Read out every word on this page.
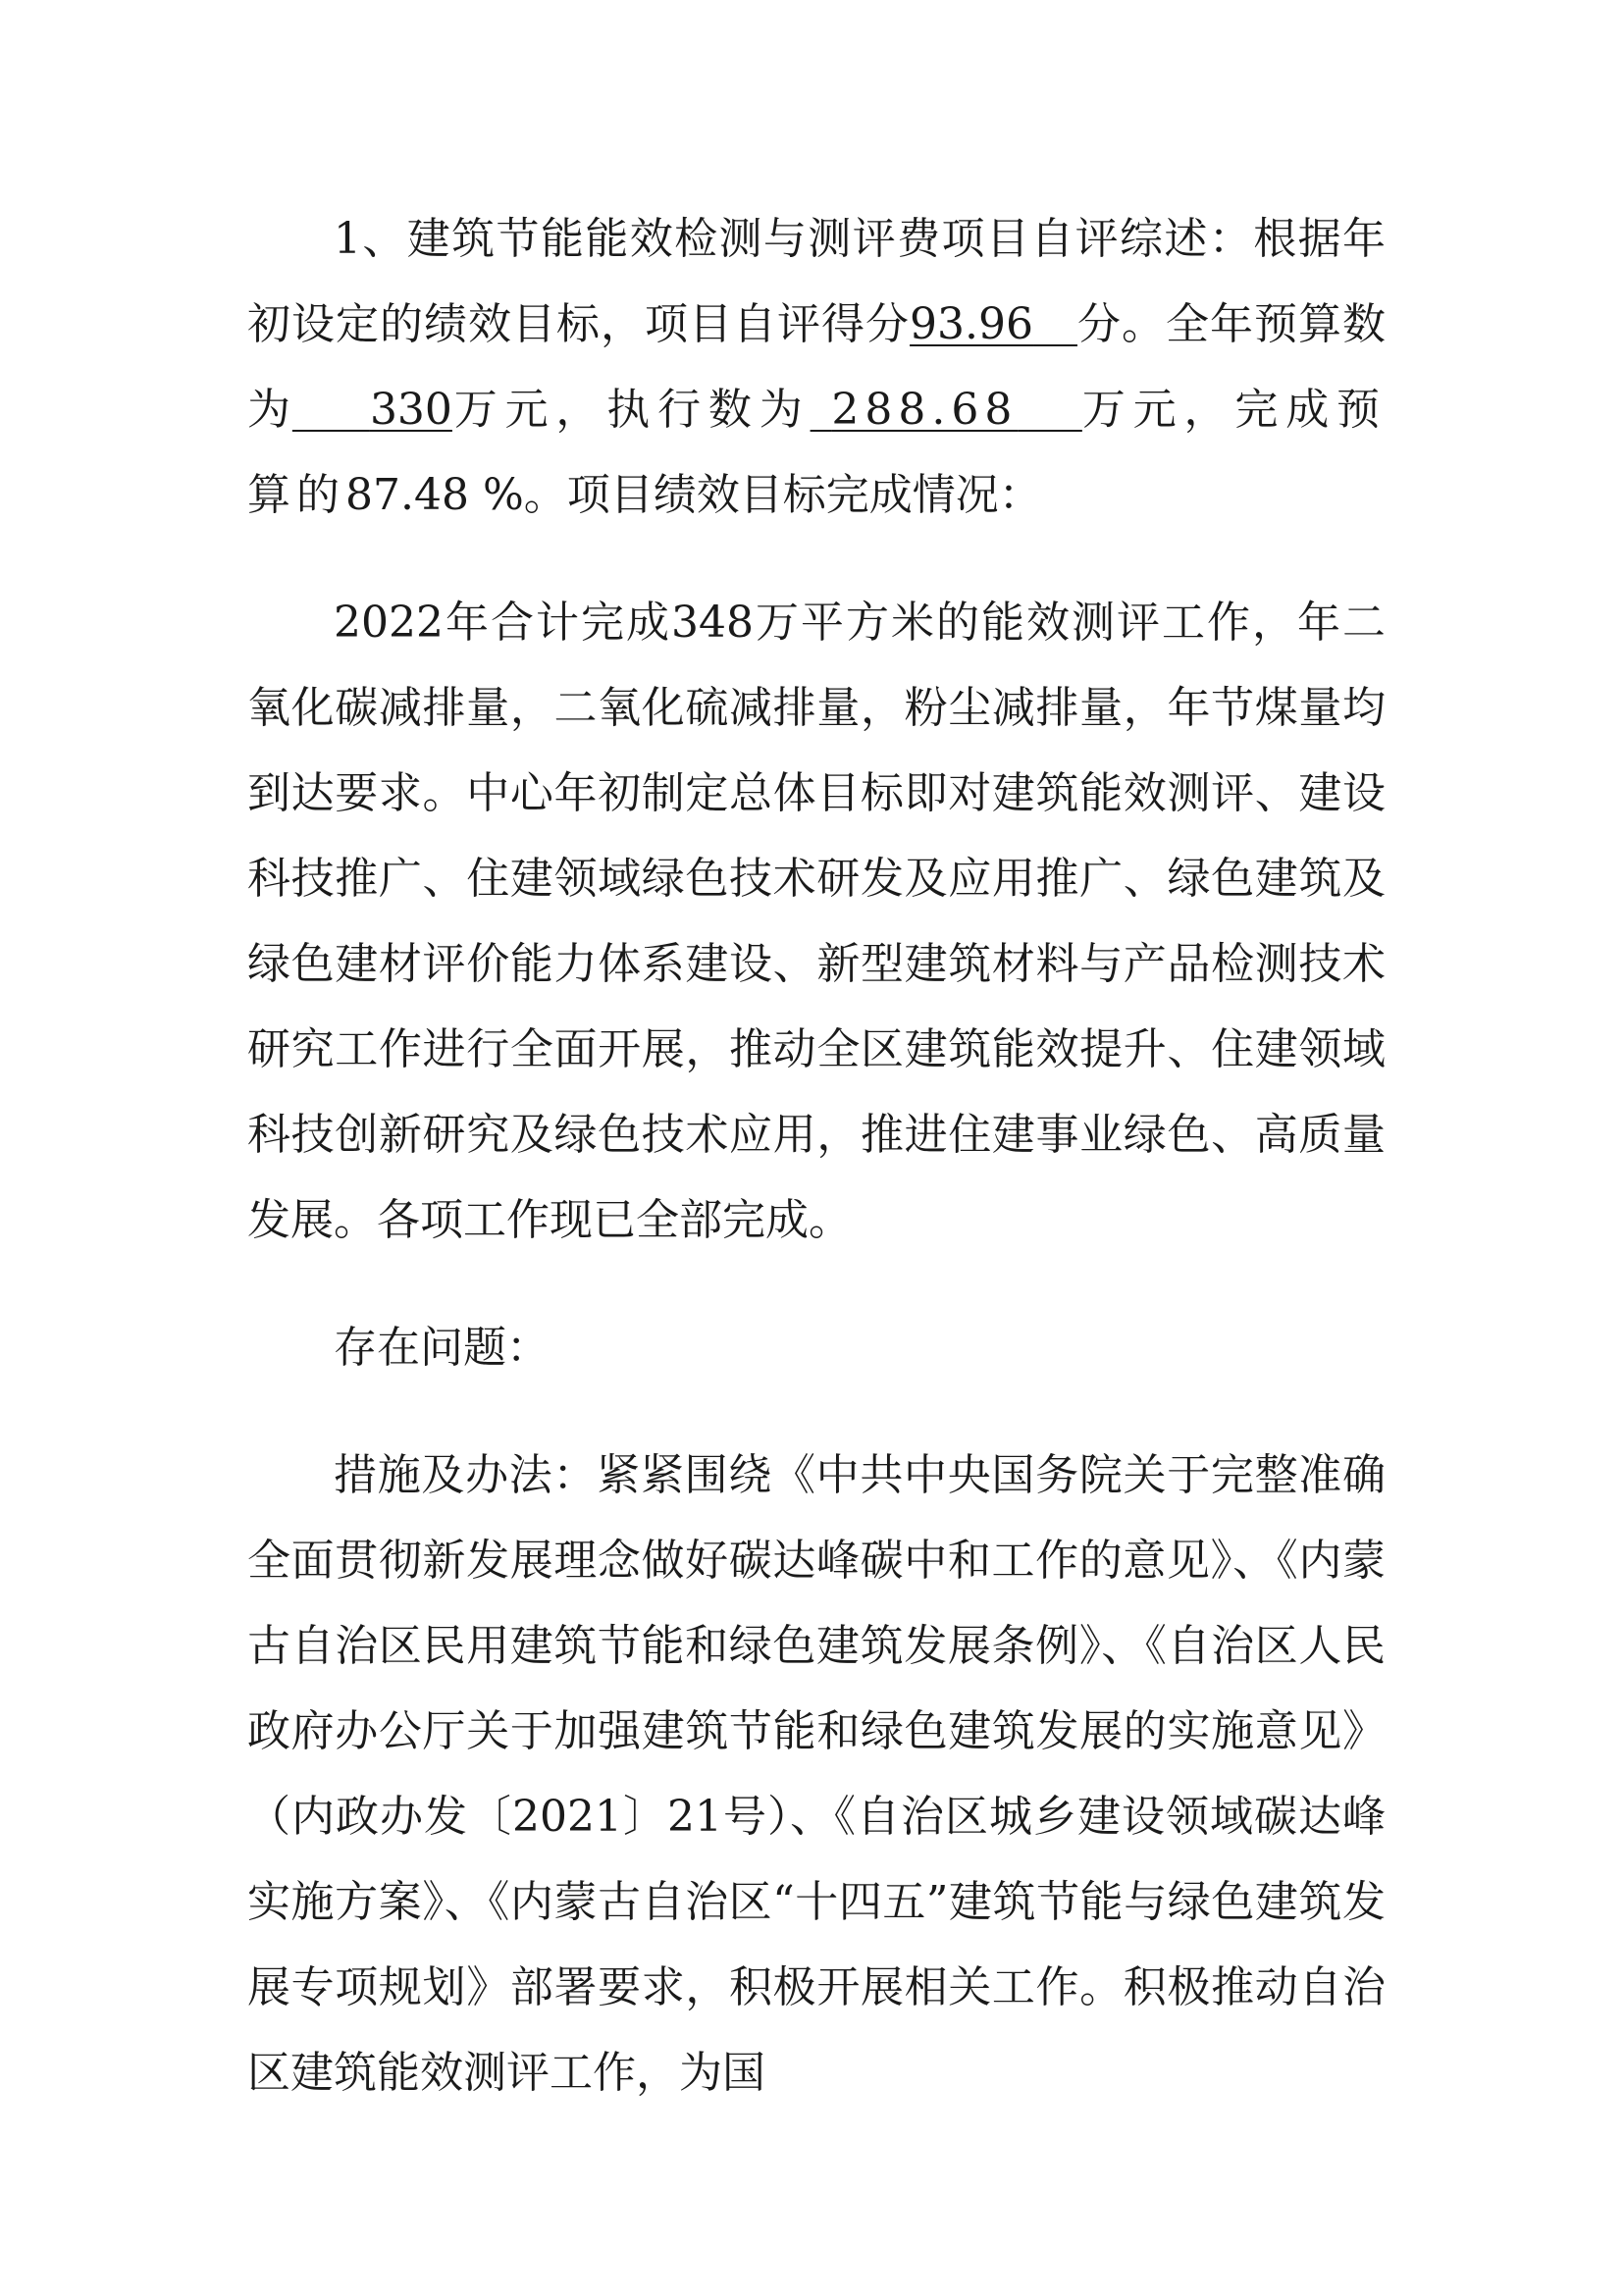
1、建筑节能能效检测与测评费项目自评综述：根据年初设定的绩效目标，项目自评得分93.96 分。全年预算数为 330万元，执行数为 288.68 万元，完成预算的87.48 %。项目绩效目标完成情况：

2022年合计完成348万平方米的能效测评工作，年二氧化碳减排量，二氧化硫减排量，粉尘减排量，年节煤量均到达要求。中心年初制定总体目标即对建筑能效测评、建设科技推广、住建领域绿色技术研发及应用推广、绿色建筑及绿色建材评价能力体系建设、新型建筑材料与产品检测技术研究工作进行全面开展，推动全区建筑能效提升、住建领域科技创新研究及绿色技术应用，推进住建事业绿色、高质量发展。各项工作现已全部完成。

存在问题：

措施及办法：紧紧围绕《中共中央国务院关于完整准确全面贯彻新发展理念做好碳达峰碳中和工作的意见》、《内蒙古自治区民用建筑节能和绿色建筑发展条例》、《自治区人民政府办公厅关于加强建筑节能和绿色建筑发展的实施意见》（内政办发〔2021〕21号）、《自治区城乡建设领域碳达峰实施方案》、《内蒙古自治区“十四五”建筑节能与绿色建筑发展专项规划》部署要求，积极开展相关工作。积极推动自治区建筑能效测评工作，为国
